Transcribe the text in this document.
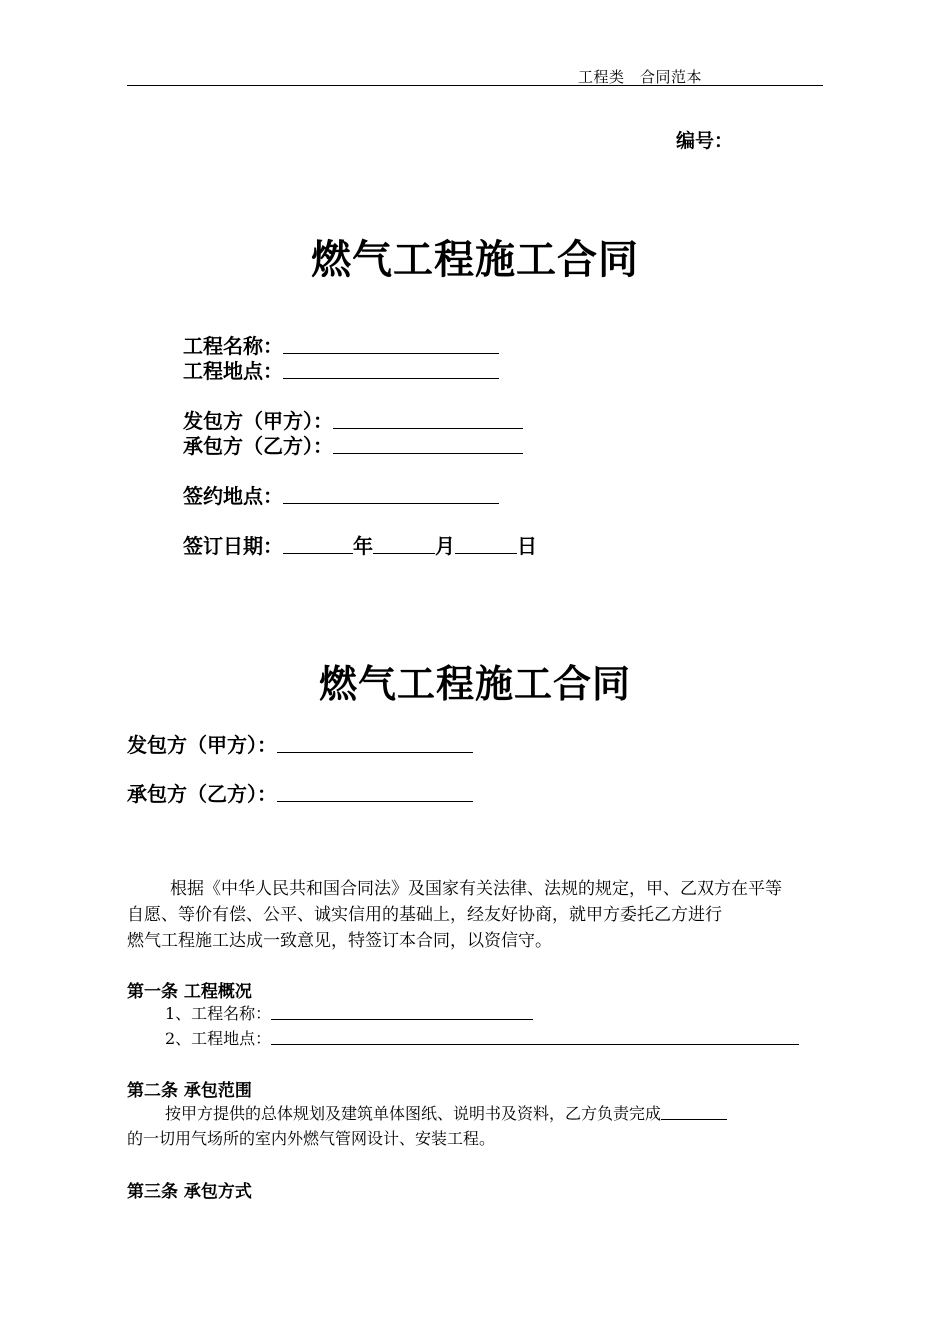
工程类　合同范本
编号：
燃气工程施工合同
工程名称：
工程地点：
发包方（甲方）：
承包方（乙方）：
签约地点：
签订日期：	年	月	日
燃气工程施工合同
发包方（甲方）：
承包方（乙方）：
根据《中华人民共和国合同法》及国家有关法律、法规的规定，甲、乙双方在平等
自愿、等价有偿、公平、诚实信用的基础上，经友好协商，就甲方委托乙方进行
燃气工程施工达成一致意见，特签订本合同，以资信守。
第一条 工程概况
1、工程名称：
2、工程地点：
第二条 承包范围
按甲方提供的总体规划及建筑单体图纸、说明书及资料，乙方负责完成
的一切用气场所的室内外燃气管网设计、安装工程。
第三条 承包方式
